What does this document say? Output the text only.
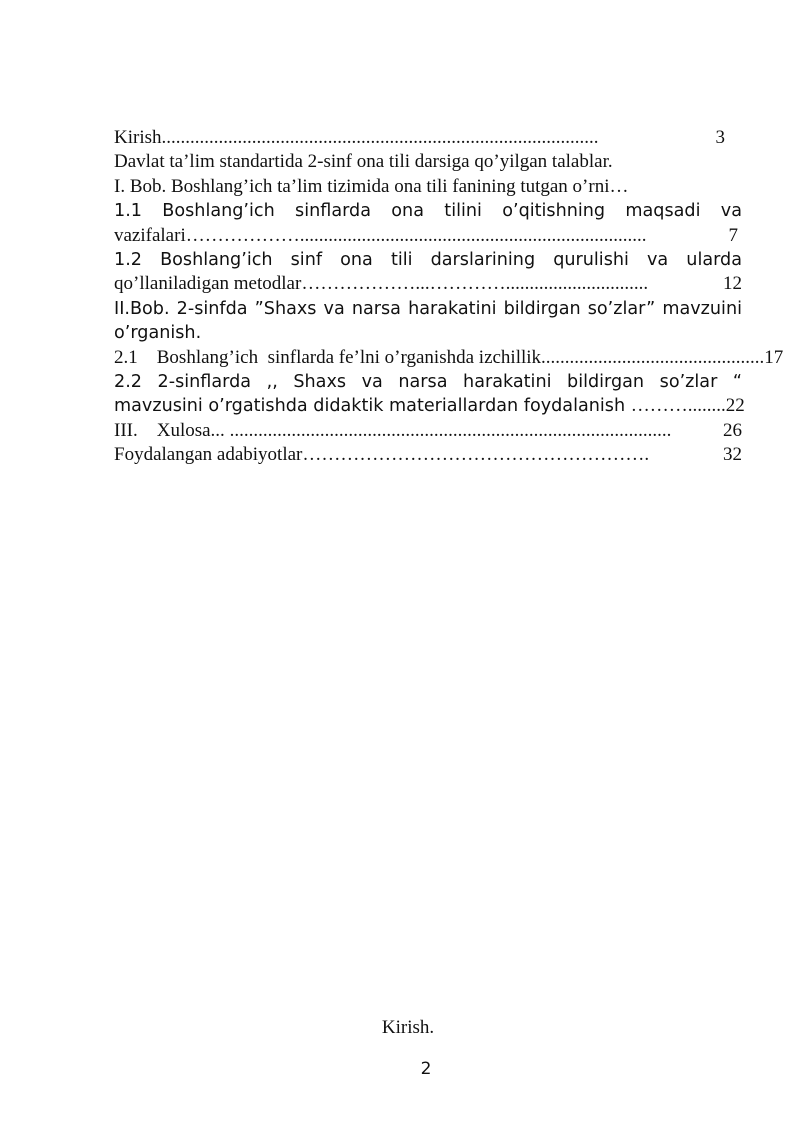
Kirish ............................................................................................	3
Davlat ta’lim standartida 2-sinf ona tili darsiga qo’yilgan talablar.
I. Bob. Boshlang’ich ta’lim tizimida ona tili fanining tutgan o’rni…
1.1 Boshlang’ich sinflarda ona tilini o’qitishning maqsadi va
vazifalari ……………….........................................................................	7
1.2 Boshlang’ich sinf ona tili darslarining qurulishi va ularda
qo’llaniladigan metodlar ………………...…………..............................	12
II.Bob. 2-sinfda ”Shaxs va narsa harakatini bildirgan so’zlar” mavzuini
o’rganish.
2.1    Boshlang’ich  sinflarda fe’lni o’rganishda izchillik ............................................... 17
2.2 2-sinflarda ,, Shaxs va narsa harakatini bildirgan so’zlar “
mavzusini o’rgatishda didaktik materiallardan foydalanish ………........ 22
III.    Xulosa... .............................................................................................	26
Foydalangan adabiyotlar ……………………………………………….	32
Kirish.
2
